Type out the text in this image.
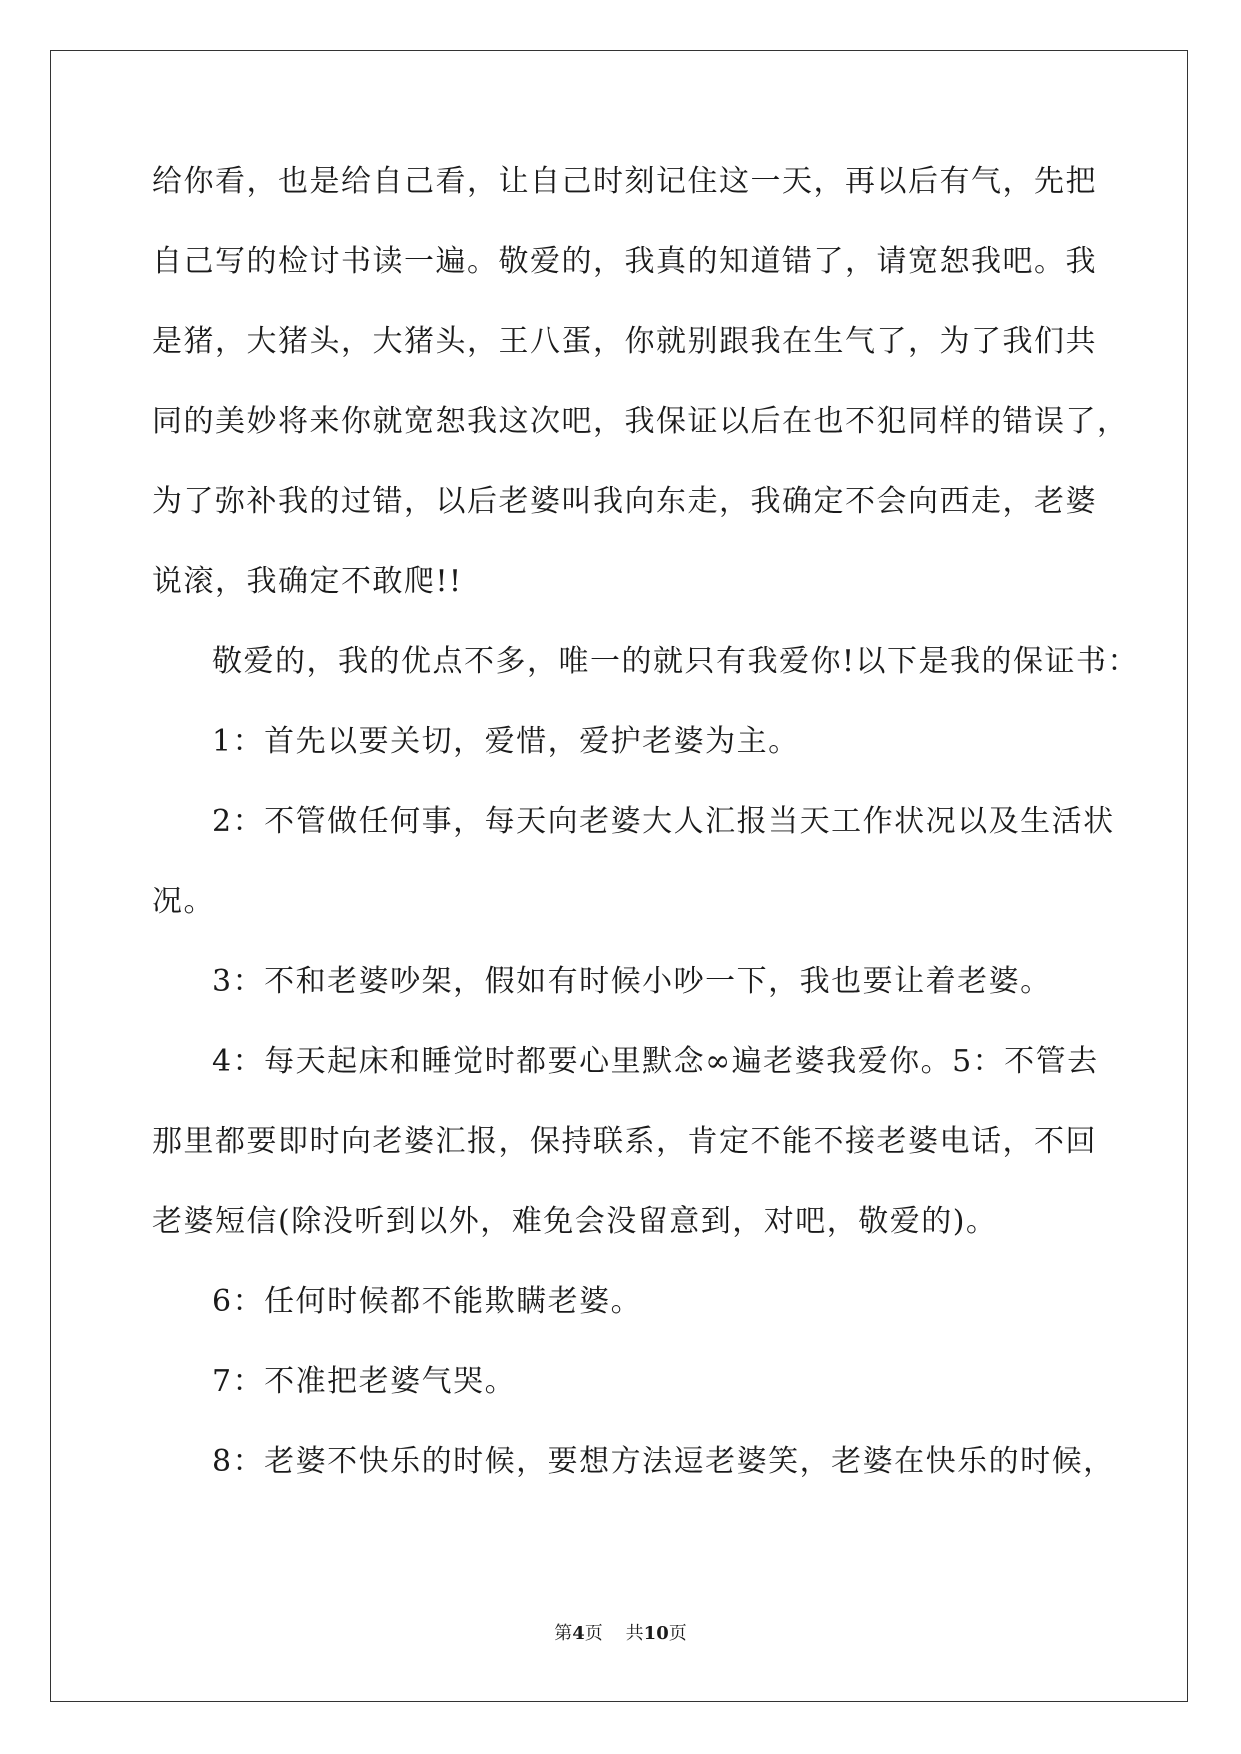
给你看，也是给自己看，让自己时刻记住这一天，再以后有气，先把
自己写的检讨书读一遍。敬爱的，我真的知道错了，请宽恕我吧。我
是猪，大猪头，大猪头，王八蛋，你就别跟我在生气了，为了我们共
同的美妙将来你就宽恕我这次吧，我保证以后在也不犯同样的错误了，
为了弥补我的过错，以后老婆叫我向东走，我确定不会向西走，老婆
说滚，我确定不敢爬!!
敬爱的，我的优点不多，唯一的就只有我爱你!以下是我的保证书：
1：首先以要关切，爱惜，爱护老婆为主。
2：不管做任何事，每天向老婆大人汇报当天工作状况以及生活状
况。
3：不和老婆吵架，假如有时候小吵一下，我也要让着老婆。
4：每天起床和睡觉时都要心里默念∞遍老婆我爱你。5：不管去
那里都要即时向老婆汇报，保持联系，肯定不能不接老婆电话，不回
老婆短信(除没听到以外，难免会没留意到，对吧，敬爱的)。
6：任何时候都不能欺瞒老婆。
7：不准把老婆气哭。
8：老婆不快乐的时候，要想方法逗老婆笑，老婆在快乐的时候，
第4页 共10页
